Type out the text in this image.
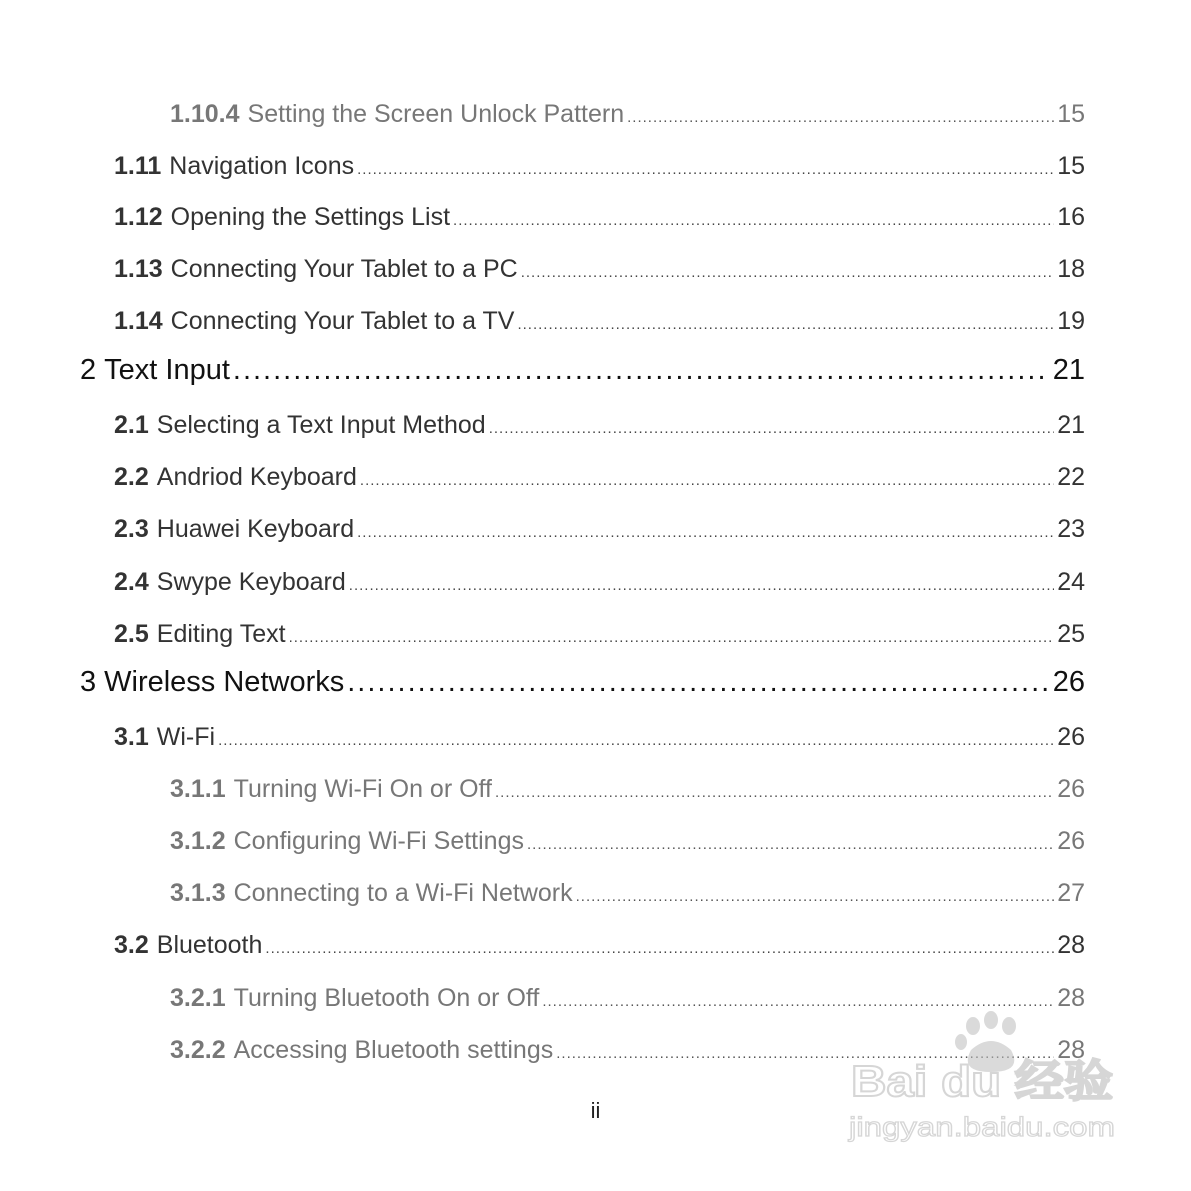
1.10.4 Setting the Screen Unlock Pattern .....	15
1.11 Navigation Icons .....	15
1.12 Opening the Settings List .....	16
1.13 Connecting Your Tablet to a PC .....	18
1.14 Connecting Your Tablet to a TV .....	19
2 Text Input .....	21
2.1 Selecting a Text Input Method .....	21
2.2 Andriod Keyboard .....	22
2.3 Huawei Keyboard .....	23
2.4 Swype Keyboard .....	24
2.5 Editing Text .....	25
3 Wireless Networks .....	26
3.1 Wi-Fi .....	26
3.1.1 Turning Wi-Fi On or Off .....	26
3.1.2 Configuring Wi-Fi Settings .....	26
3.1.3 Connecting to a Wi-Fi Network .....	27
3.2 Bluetooth .....	28
3.2.1 Turning Bluetooth On or Off .....	28
3.2.2 Accessing Bluetooth settings .....	28
ii
Bai du 经验
jingyan.baidu.com
